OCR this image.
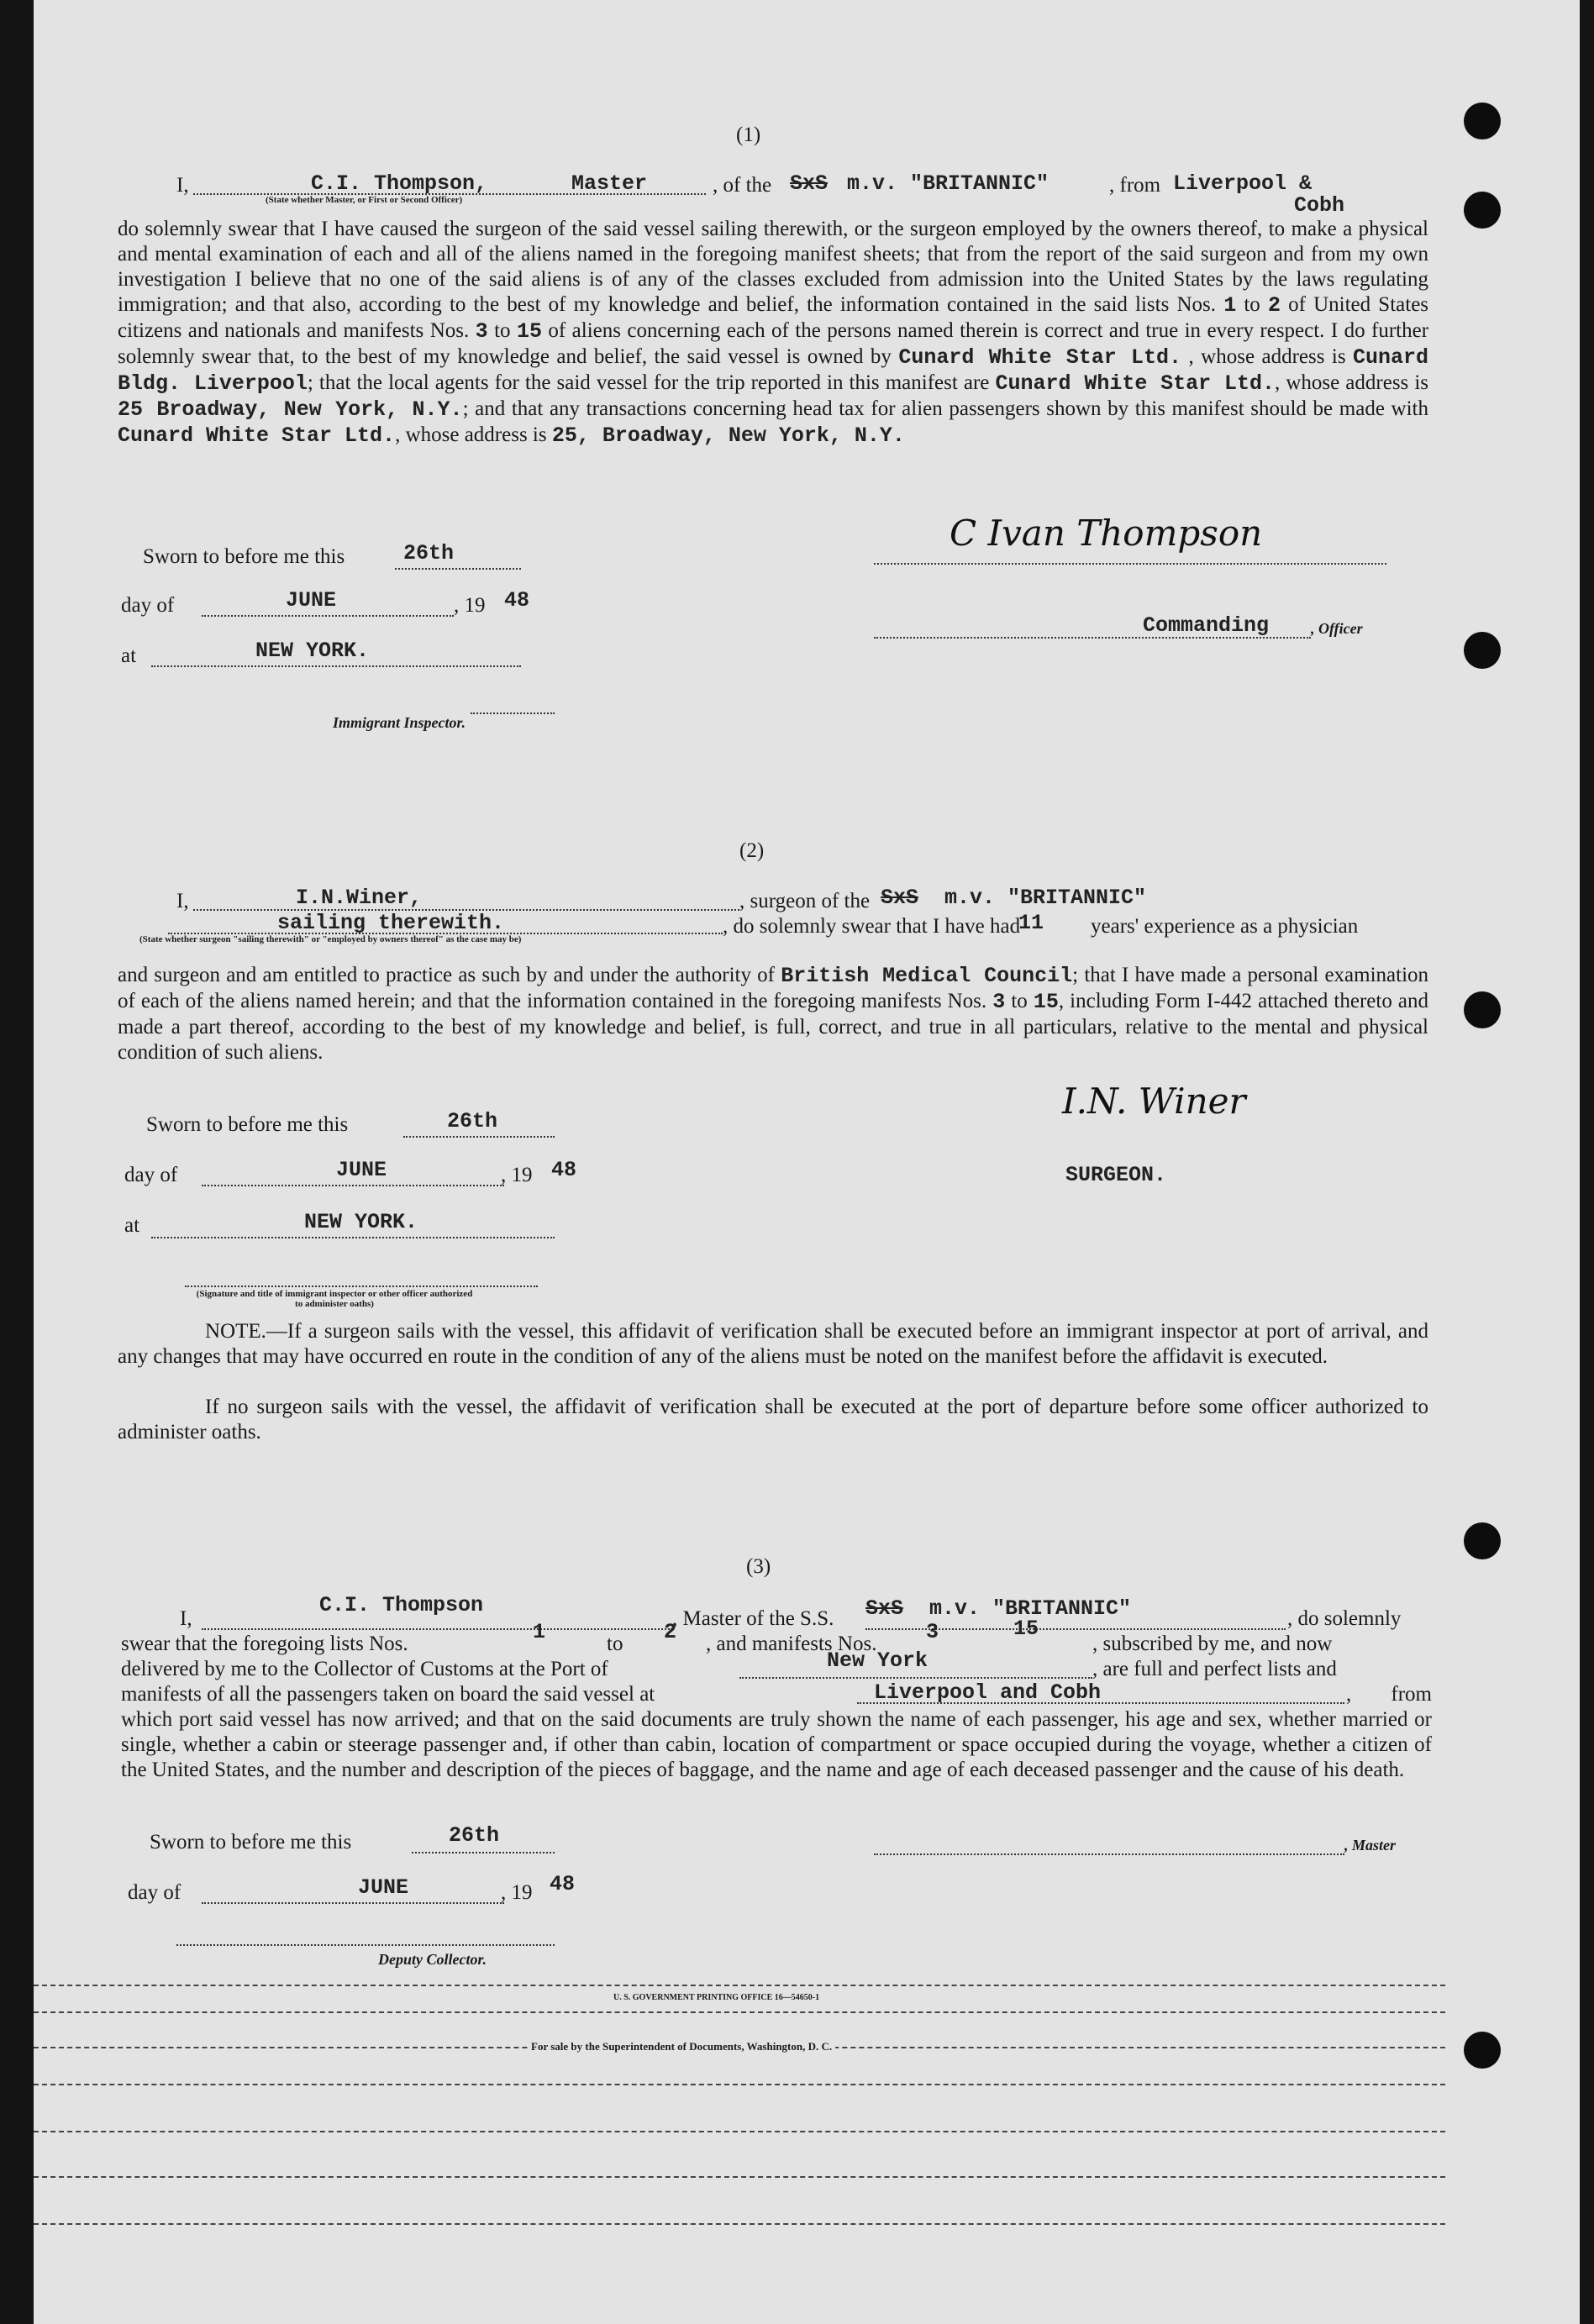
(1)
I,	C.I. Thompson,	Master
(State whether Master, or First or Second Officer)
, of the SxS m.v. "BRITANNIC"	, from Liverpool &
Cobh
do solemnly swear that I have caused the surgeon of the said vessel sailing therewith, or the surgeon employed by the owners thereof, to make a physical and mental examination of each and all of the aliens named in the foregoing manifest sheets; that from the report of the said surgeon and from my own investigation I believe that no one of the said aliens is of any of the classes excluded from admission into the United States by the laws regulating immigration; and that also, according to the best of my knowledge and belief, the information contained in the said lists Nos. 1 to 2 of United States citizens and nationals and manifests Nos. 3 to 15 of aliens concerning each of the persons named therein is correct and true in every respect. I do further solemnly swear that, to the best of my knowledge and belief, the said vessel is owned by Cunard White Star Ltd. , whose address is Cunard Bldg. Liverpool; that the local agents for the said vessel for the trip reported in this manifest are Cunard White Star Ltd., whose address is 25 Broadway, New York, N.Y.; and that any transactions concerning head tax for alien passengers shown by this manifest should be made with Cunard White Star Ltd., whose address is 25, Broadway, New York, N.Y.
Sworn to before me this	26th
day of	JUNE	, 19 48
at	NEW YORK.
Immigrant Inspector.
C Ivan Thompson
Commanding	, Officer
(2)
I,	I.N.Winer,	, surgeon of the SxS m.v. "BRITANNIC"
sailing therewith.
(State whether surgeon "sailing therewith" or "employed by owners thereof" as the case may be)
, do solemnly swear that I have had
11 years' experience as a physician
and surgeon and am entitled to practice as such by and under the authority of British Medical Council; that I have made a personal examination of each of the aliens named herein; and that the information contained in the foregoing manifests Nos. 3 to 15, including Form I-442 attached thereto and made a part thereof, according to the best of my knowledge and belief, is full, correct, and true in all particulars, relative to the mental and physical condition of such aliens.
Sworn to before me this	26th
day of	JUNE	, 19 48
at	NEW YORK.
(Signature and title of immigrant inspector or other officer authorized to administer oaths)
I.N. Winer
SURGEON.
NOTE.—If a surgeon sails with the vessel, this affidavit of verification shall be executed before an immigrant inspector at port of arrival, and any changes that may have occurred en route in the condition of any of the aliens must be noted on the manifest before the affidavit is executed.
If no surgeon sails with the vessel, the affidavit of verification shall be executed at the port of departure before some officer authorized to administer oaths.
(3)
I,
C.I. Thompson
, Master of the S.S. SxS m.v. "BRITANNIC"	, do solemnly
swear that the foregoing lists Nos.	1	to 2 , and manifests Nos. 3	15
, subscribed by me, and now
delivered by me to the Collector of Customs at the Port of	New York	, are full and perfect lists and
manifests of all the passengers taken on board the said vessel at	Liverpool and Cobh	, from which port said vessel has now arrived; and that on the said documents are truly shown the name of each passenger, his age and sex, whether married or single, whether a cabin or steerage passenger and, if other than cabin, location of compartment or space occupied during the voyage, whether a citizen of the United States, and the number and description of the pieces of baggage, and the name and age of each deceased passenger and the cause of his death.
Sworn to before me this	26th
day of	JUNE	, 19 48
, Master
Deputy Collector.
U. S. GOVERNMENT PRINTING OFFICE 16—54650-1
For sale by the Superintendent of Documents, Washington, D. C.
